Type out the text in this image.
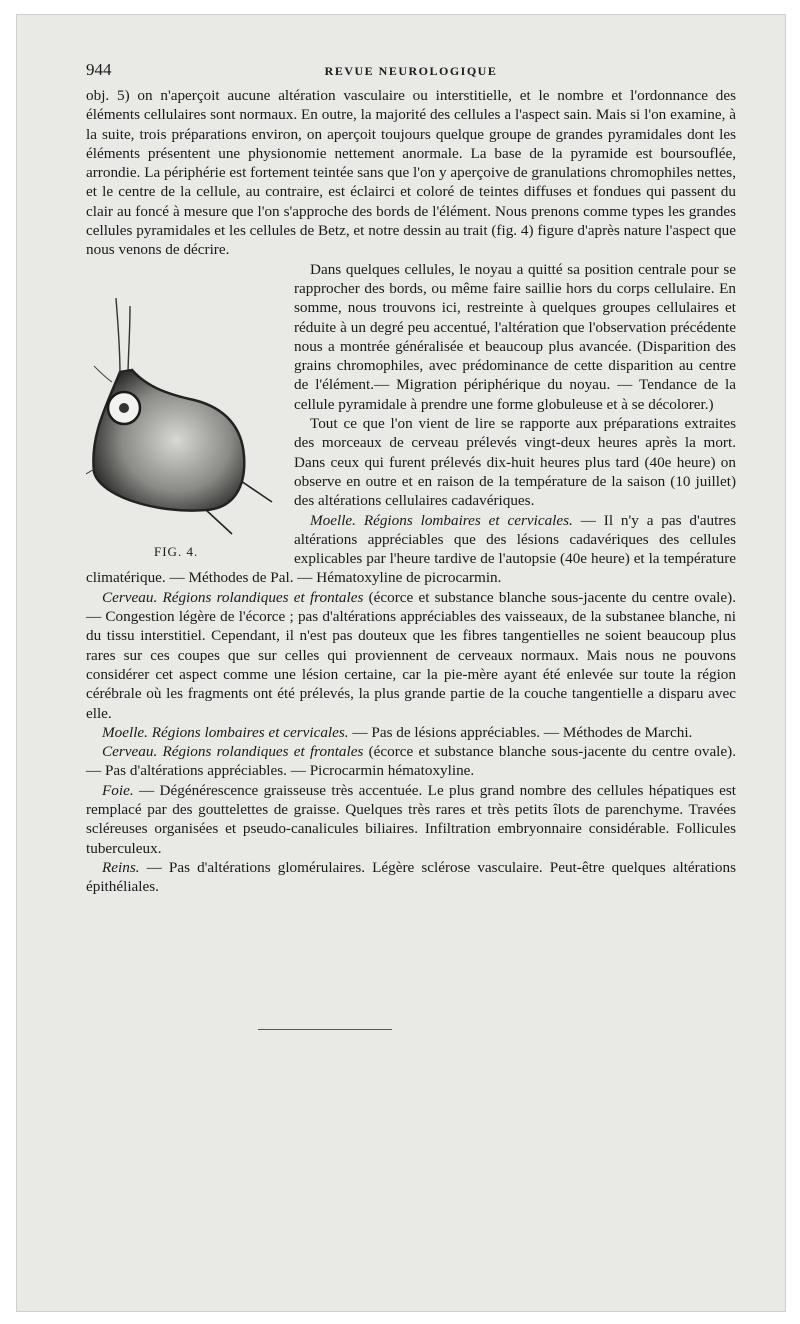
944	REVUE NEUROLOGIQUE

obj. 5) on n'aperçoit aucune altération vasculaire ou interstitielle, et le nombre et l'ordonnance des éléments cellulaires sont normaux. En outre, la majorité des cellules a l'aspect sain. Mais si l'on examine, à la suite, trois préparations environ, on aperçoit toujours quelque groupe de grandes pyramidales dont les éléments présentent une physionomie nettement anormale. La base de la pyramide est boursouflée, arrondie. La périphérie est fortement teintée sans que l'on y aperçoive de granulations chromophiles nettes, et le centre de la cellule, au contraire, est éclairci et coloré de teintes diffuses et fondues qui passent du clair au foncé à mesure que l'on s'approche des bords de l'élément. Nous prenons comme types les grandes cellules pyramidales et les cellules de Betz, et notre dessin au trait (fig. 4) figure d'après nature l'aspect que nous venons de décrire.

FIG. 4.

Dans quelques cellules, le noyau a quitté sa position centrale pour se rapprocher des bords, ou même faire saillie hors du corps cellulaire. En somme, nous trouvons ici, restreinte à quelques groupes cellulaires et réduite à un degré peu accentué, l'altération que l'observation précédente nous a montrée généralisée et beaucoup plus avancée. (Disparition des grains chromophiles, avec prédominance de cette disparition au centre de l'élément.— Migration périphérique du noyau. — Tendance de la cellule pyramidale à prendre une forme globuleuse et à se décolorer.)

Tout ce que l'on vient de lire se rapporte aux préparations extraites des morceaux de cerveau prélevés vingt-deux heures après la mort. Dans ceux qui furent prélevés dix-huit heures plus tard (40e heure) on observe en outre et en raison de la température de la saison (10 juillet) des altérations cellulaires cadavériques.

Moelle. Régions lombaires et cervicales. — Il n'y a pas d'autres altérations appréciables que des lésions cadavériques des cellules explicables par l'heure tardive de l'autopsie (40e heure) et la température climatérique. — Méthodes de Pal. — Hématoxyline de picrocarmin.

Cerveau. Régions rolandiques et frontales (écorce et substance blanche sous-jacente du centre ovale). — Congestion légère de l'écorce ; pas d'altérations appréciables des vaisseaux, de la substanee blanche, ni du tissu interstitiel. Cependant, il n'est pas douteux que les fibres tangentielles ne soient beaucoup plus rares sur ces coupes que sur celles qui proviennent de cerveaux normaux. Mais nous ne pouvons considérer cet aspect comme une lésion certaine, car la pie-mère ayant été enlevée sur toute la région cérébrale où les fragments ont été prélevés, la plus grande partie de la couche tangentielle a disparu avec elle.

Moelle. Régions lombaires et cervicales. — Pas de lésions appréciables. — Méthodes de Marchi.

Cerveau. Régions rolandiques et frontales (écorce et substance blanche sous-jacente du centre ovale). — Pas d'altérations appréciables. — Picrocarmin hématoxyline.

Foie. — Dégénérescence graisseuse très accentuée. Le plus grand nombre des cellules hépatiques est remplacé par des gouttelettes de graisse. Quelques très rares et très petits îlots de parenchyme. Travées scléreuses organisées et pseudo-canalicules biliaires. Infiltration embryonnaire considérable. Follicules tuberculeux.

Reins. — Pas d'altérations glomérulaires. Légère sclérose vasculaire. Peut-être quelques altérations épithéliales.
